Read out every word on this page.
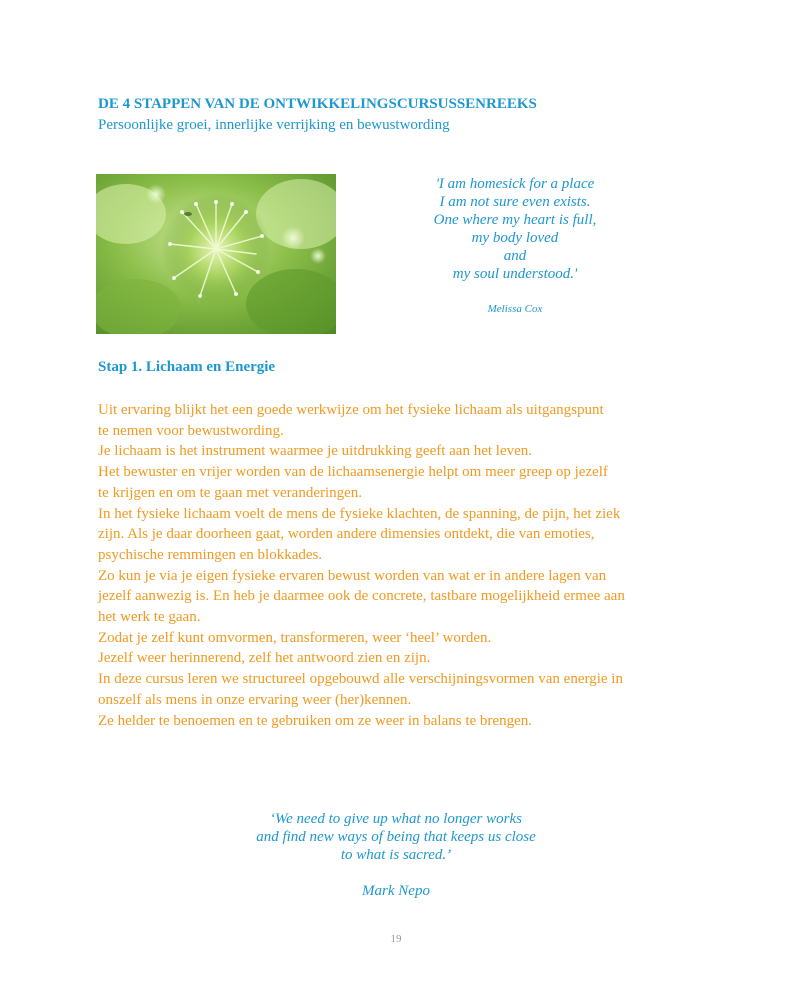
DE 4 STAPPEN VAN DE ONTWIKKELINGSCURSUSSENREEKS

Persoonlijke groei, innerlijke verrijking en bewustwording

'I am homesick for a place
I am not sure even exists.
One where my heart is full,
my body loved
and
my soul understood.'
Melissa Cox
Stap 1. Lichaam en Energie
Uit ervaring blijkt het een goede werkwijze om het fysieke lichaam als uitgangspunt
te nemen voor bewustwording.
Je lichaam is het instrument waarmee je uitdrukking geeft aan het leven.
Het bewuster en vrijer worden van de lichaamsenergie helpt om meer greep op jezelf
te krijgen en om te gaan met veranderingen.
In het fysieke lichaam voelt de mens de fysieke klachten, de spanning, de pijn, het ziek
zijn. Als je daar doorheen gaat, worden andere dimensies ontdekt, die van emoties,
psychische remmingen en blokkades.
Zo kun je via je eigen fysieke ervaren bewust worden van wat er in andere lagen van
jezelf aanwezig is. En heb je daarmee ook de concrete, tastbare mogelijkheid ermee aan
het werk te gaan.
Zodat je zelf kunt omvormen, transformeren, weer ‘heel’ worden.
Jezelf weer herinnerend, zelf het antwoord zien en zijn.
In deze cursus leren we structureel opgebouwd alle verschijningsvormen van energie in
onszelf als mens in onze ervaring weer (her)kennen.
Ze helder te benoemen en te gebruiken om ze weer in balans te brengen.
‘We need to give up what no longer works
and find new ways of being that keeps us close
to what is sacred.’
Mark Nepo
19
